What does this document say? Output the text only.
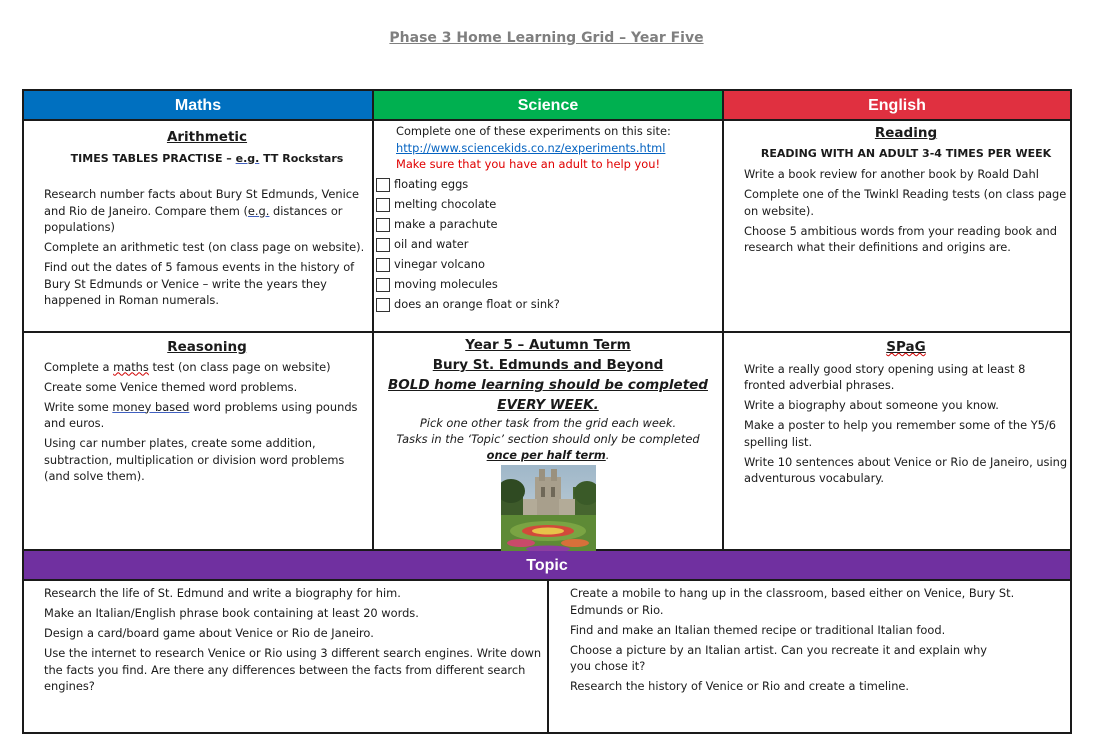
Phase 3 Home Learning Grid – Year Five
Maths	Science	English
Arithmetic
TIMES TABLES PRACTISE – e.g. TT Rockstars

Research number facts about Bury St Edmunds, Venice and Rio de Janeiro. Compare them (e.g. distances or populations)

Complete an arithmetic test (on class page on website).

Find out the dates of 5 famous events in the history of Bury St Edmunds or Venice – write the years they happened in Roman numerals.

Complete one of these experiments on this site:
http://www.sciencekids.co.nz/experiments.html
Make sure that you have an adult to help you!
floating eggs
melting chocolate
make a parachute
oil and water
vinegar volcano
moving molecules
does an orange float or sink?
Reading
READING WITH AN ADULT 3-4 TIMES PER WEEK

Write a book review for another book by Roald Dahl

Complete one of the Twinkl Reading tests (on class page on website).

Choose 5 ambitious words from your reading book and research what their definitions and origins are.

Reasoning

Complete a maths test (on class page on website)

Create some Venice themed word problems.

Write some money based word problems using pounds and euros.

Using car number plates, create some addition, subtraction, multiplication or division word problems (and solve them).

Year 5 – Autumn Term
Bury St. Edmunds and Beyond
BOLD home learning should be completed
EVERY WEEK.
Pick one other task from the grid each week.
Tasks in the ‘Topic’ section should only be completed
once per half term.
SPaG

Write a really good story opening using at least 8 fronted adverbial phrases.

Write a biography about someone you know.

Make a poster to help you remember some of the Y5/6 spelling list.

Write 10 sentences about Venice or Rio de Janeiro, using adventurous vocabulary.

Topic

Research the life of St. Edmund and write a biography for him.

Make an Italian/English phrase book containing at least 20 words.

Design a card/board game about Venice or Rio de Janeiro.

Use the internet to research Venice or Rio using 3 different search engines. Write down the facts you find. Are there any differences between the facts from different search engines?

Create a mobile to hang up in the classroom, based either on Venice, Bury St. Edmunds or Rio.

Find and make an Italian themed recipe or traditional Italian food.

Choose a picture by an Italian artist. Can you recreate it and explain why you chose it?

Research the history of Venice or Rio and create a timeline.
